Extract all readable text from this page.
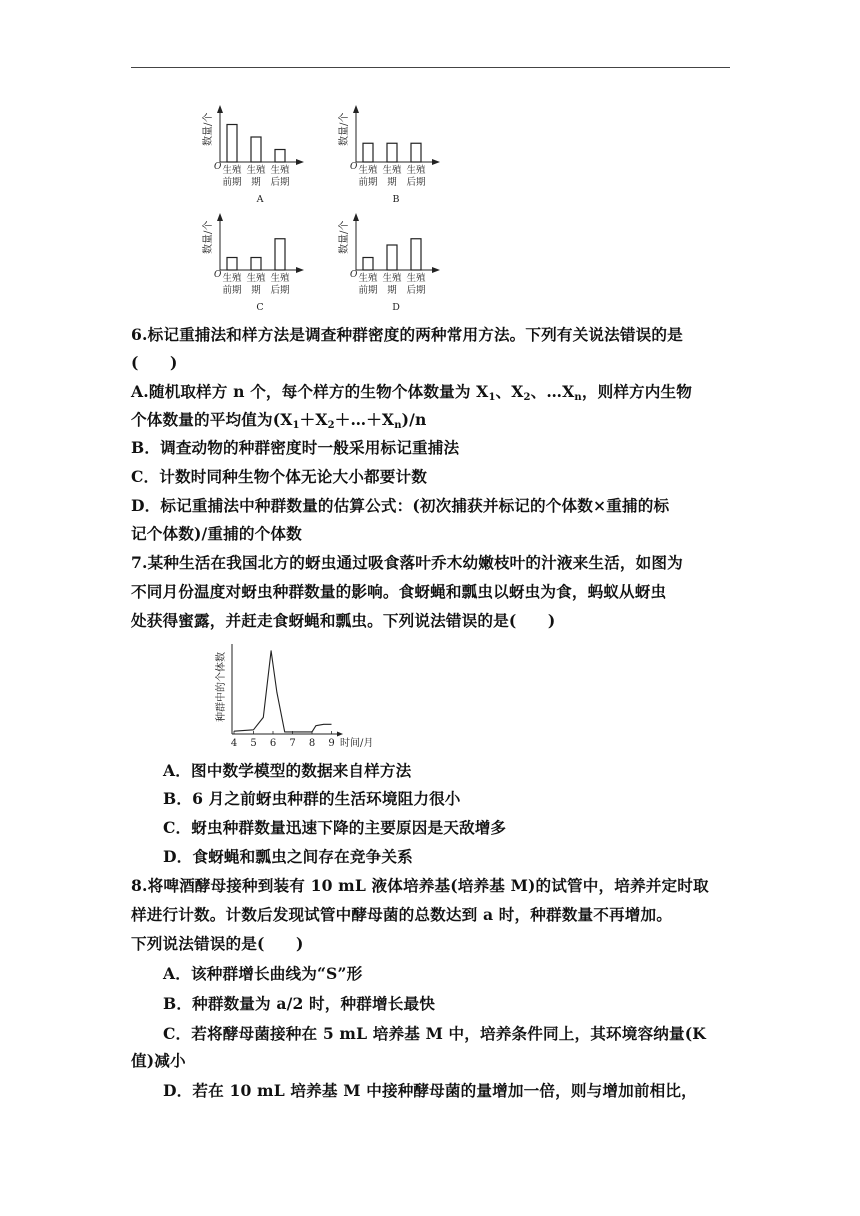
数量/个
O 生殖
前期
生殖
期
生殖
后期
A
数量/个
O 生殖
前期
生殖
期
生殖
后期
B
数量/个
O 生殖
前期
生殖
期
生殖
后期
C
数量/个
O 生殖
前期
生殖
期
生殖
后期
D
6.标记重捕法和样方法是调查种群密度的两种常用方法。下列有关说法错误的是
(　　)
A.随机取样方 n 个，每个样方的生物个体数量为 $X_1$、$X_2$、$\dots X_n$，则样方内生物
个体数量的平均值为$(X_1+X_2+\dots+X_n)/n$
B．调查动物的种群密度时一般采用标记重捕法
C．计数时同种生物个体无论大小都要计数
D．标记重捕法中种群数量的估算公式：(初次捕获并标记的个体数×重捕的标
记个体数)/重捕的个体数
7.某种生活在我国北方的蚜虫通过吸食落叶乔木幼嫩枝叶的汁液来生活，如图为
不同月份温度对蚜虫种群数量的影响。食蚜蝇和瓢虫以蚜虫为食，蚂蚁从蚜虫
处获得蜜露，并赶走食蚜蝇和瓢虫。下列说法错误的是(　　)
种群中的个体数
4 5 6 7 8 9 时间/月
A．图中数学模型的数据来自样方法
B．6 月之前蚜虫种群的生活环境阻力很小
C．蚜虫种群数量迅速下降的主要原因是天敌增多
D．食蚜蝇和瓢虫之间存在竞争关系
8.将啤酒酵母接种到装有 10 mL 液体培养基(培养基 M)的试管中，培养并定时取
样进行计数。计数后发现试管中酵母菌的总数达到 a 时，种群数量不再增加。
下列说法错误的是(　　)
A．该种群增长曲线为“S”形
B．种群数量为 a/2 时，种群增长最快
C．若将酵母菌接种在 5 mL 培养基 M 中，培养条件同上，其环境容纳量(K
值)减小
D．若在 10 mL 培养基 M 中接种酵母菌的量增加一倍，则与增加前相比，
